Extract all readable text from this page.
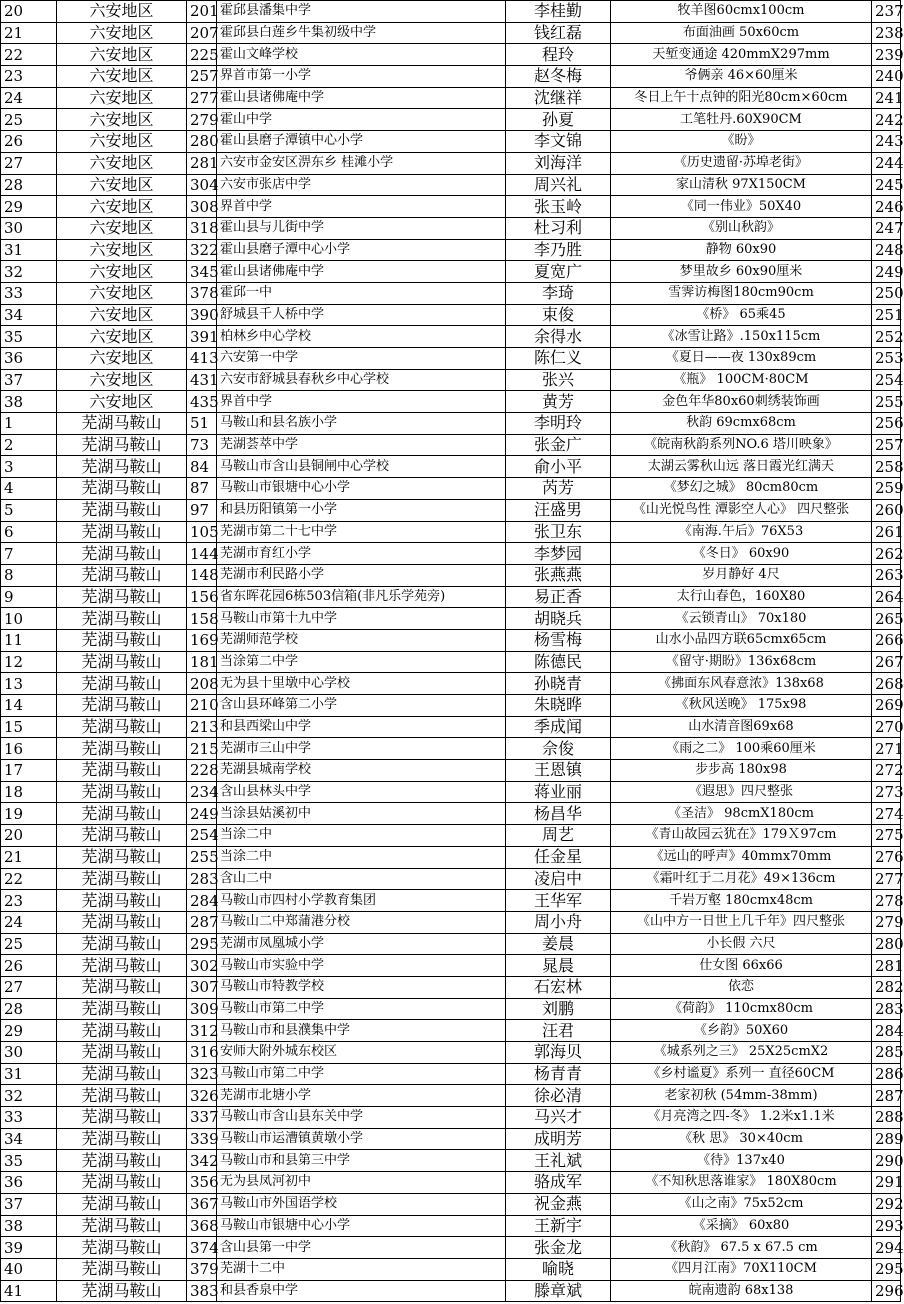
20	六安地区	201	霍邱县潘集中学	李桂勤	牧羊图60cmx100cm	237
21	六安地区	207	霍邱县白莲乡牛集初级中学	钱红磊	布面油画 50x60cm	238
22	六安地区	225	霍山文峰学校	程玲	天堑变通途 420mmX297mm	239
23	六安地区	257	界首市第一小学	赵冬梅	爷俩亲 46×60厘米	240
24	六安地区	277	霍山县诸佛庵中学	沈继祥	冬日上午十点钟的阳光80cm×60cm	241
25	六安地区	279	霍山中学	孙夏	工笔牡丹.60X90CM	242
26	六安地区	280	霍山县磨子潭镇中心小学	李文锦	《盼》	243
27	六安地区	281	六安市金安区淠东乡 桂滩小学	刘海洋	《历史遗留·苏埠老街》	244
28	六安地区	304	六安市张店中学	周兴礼	家山清秋 97X150CM	245
29	六安地区	308	界首中学	张玉岭	《同一伟业》50X40	246
30	六安地区	318	霍山县与儿街中学	杜习利	《别山秋韵》	247
31	六安地区	322	霍山县磨子潭中心小学	李乃胜	静物 60x90	248
32	六安地区	345	霍山县诸佛庵中学	夏宽广	梦里故乡 60x90厘米	249
33	六安地区	378	霍邱一中	李琦	雪霁访梅图180cm90cm	250
34	六安地区	390	舒城县千人桥中学	束俊	《桥》 65乘45	251
35	六安地区	391	柏林乡中心学校	余得水	《冰雪让路》.150x115cm	252
36	六安地区	413	六安第一中学	陈仁义	《夏日——夜 130x89cm	253
37	六安地区	431	六安市舒城县春秋乡中心学校	张兴	《瓶》 100CM·80CM	254
38	六安地区	435	界首中学	黄芳	金色年华80x60刺绣装饰画	255
1	芜湖马鞍山	51	马鞍山和县名族小学	李明玲	秋韵 69cmx68cm	256
2	芜湖马鞍山	73	芜湖荟萃中学	张金广	《皖南秋韵系列NO.6 塔川映象》	257
3	芜湖马鞍山	84	马鞍山市含山县铜闸中心学校	俞小平	太湖云雾秋山远 落日霞光红满天	258
4	芜湖马鞍山	87	马鞍山市银塘中心小学	芮芳	《梦幻之城》 80cm80cm	259
5	芜湖马鞍山	97	和县历阳镇第一小学	汪盛男	《山光悦鸟性 潭影空人心》 四尺整张	260
6	芜湖马鞍山	105	芜湖市第二十七中学	张卫东	《南海.午后》76X53	261
7	芜湖马鞍山	144	芜湖市育红小学	李梦园	《冬日》 60x90	262
8	芜湖马鞍山	148	芜湖市利民路小学	张燕燕	岁月静好 4尺	263
9	芜湖马鞍山	156	省东晖花园6栋503信箱(非凡乐学苑旁)	易正香	太行山春色，160X80	264
10	芜湖马鞍山	158	马鞍山市第十九中学	胡晓兵	《云锁青山》 70x180	265
11	芜湖马鞍山	169	芜湖师范学校	杨雪梅	山水小品四方联65cmx65cm	266
12	芜湖马鞍山	181	当涂第二中学	陈德民	《留守·期盼》136x68cm	267
13	芜湖马鞍山	208	无为县十里墩中心学校	孙晓青	《拂面东风春意浓》138x68	268
14	芜湖马鞍山	210	含山县环峰第二小学	朱晓晔	《秋风送晚》 175x98	269
15	芜湖马鞍山	213	和县西梁山中学	季成闻	山水清音图69x68	270
16	芜湖马鞍山	215	芜湖市三山中学	佘俊	《雨之二》 100乘60厘米	271
17	芜湖马鞍山	228	芜湖县城南学校	王恩镇	步步高 180x98	272
18	芜湖马鞍山	234	含山县林头中学	蒋业丽	《遐思》四尺整张	273
19	芜湖马鞍山	249	当涂县姑溪初中	杨昌华	《圣洁》 98cmX180cm	274
20	芜湖马鞍山	254	当涂二中	周艺	《青山故园云犹在》179Ｘ97cm	275
21	芜湖马鞍山	255	当涂二中	任金星	《远山的呼声》40mmx70mm	276
22	芜湖马鞍山	283	含山二中	凌启中	《霜叶红于二月花》49×136cm	277
23	芜湖马鞍山	284	马鞍山市四村小学教育集团	王华军	千岩万壑 180cmx48cm	278
24	芜湖马鞍山	287	马鞍山二中郑蒲港分校	周小舟	《山中方一日世上几千年》四尺整张	279
25	芜湖马鞍山	295	芜湖市凤凰城小学	姜晨	小长假 六尺	280
26	芜湖马鞍山	302	马鞍山市实验中学	晁晨	仕女图 66x66	281
27	芜湖马鞍山	307	马鞍山市特教学校	石宏林	依恋	282
28	芜湖马鞍山	309	马鞍山市第二中学	刘鹏	《荷韵》 110cmx80cm	283
29	芜湖马鞍山	312	马鞍山市和县濮集中学	汪君	《乡韵》50X60	284
30	芜湖马鞍山	316	安师大附外城东校区	郭海贝	《城系列之三》 25X25cmX2	285
31	芜湖马鞍山	323	马鞍山市第二中学	杨青青	《乡村谧夏》系列一 直径60CM	286
32	芜湖马鞍山	326	芜湖市北塘小学	徐必清	老家初秋 (54mm-38mm)	287
33	芜湖马鞍山	337	马鞍山市含山县东关中学	马兴才	《月亮湾之四-冬》 1.2米x1.1米	288
34	芜湖马鞍山	339	马鞍山市运漕镇黄墩小学	成明芳	《秋 思》 30×40cm	289
35	芜湖马鞍山	342	马鞍山市和县第三中学	王礼斌	《待》137x40	290
36	芜湖马鞍山	356	无为县凤河初中	骆成军	《不知秋思落谁家》 180X80cm	291
37	芜湖马鞍山	367	马鞍山市外国语学校	祝金燕	《山之南》75x52cm	292
38	芜湖马鞍山	368	马鞍山市银塘中心小学	王新宇	《采摘》 60x80	293
39	芜湖马鞍山	374	含山县第一中学	张金龙	《秋韵》 67.5 x 67.5 cm	294
40	芜湖马鞍山	379	芜湖十二中	喻晓	《四月江南》70X110CM	295
41	芜湖马鞍山	383	和县香泉中学	滕章斌	皖南遗韵 68x138	296
